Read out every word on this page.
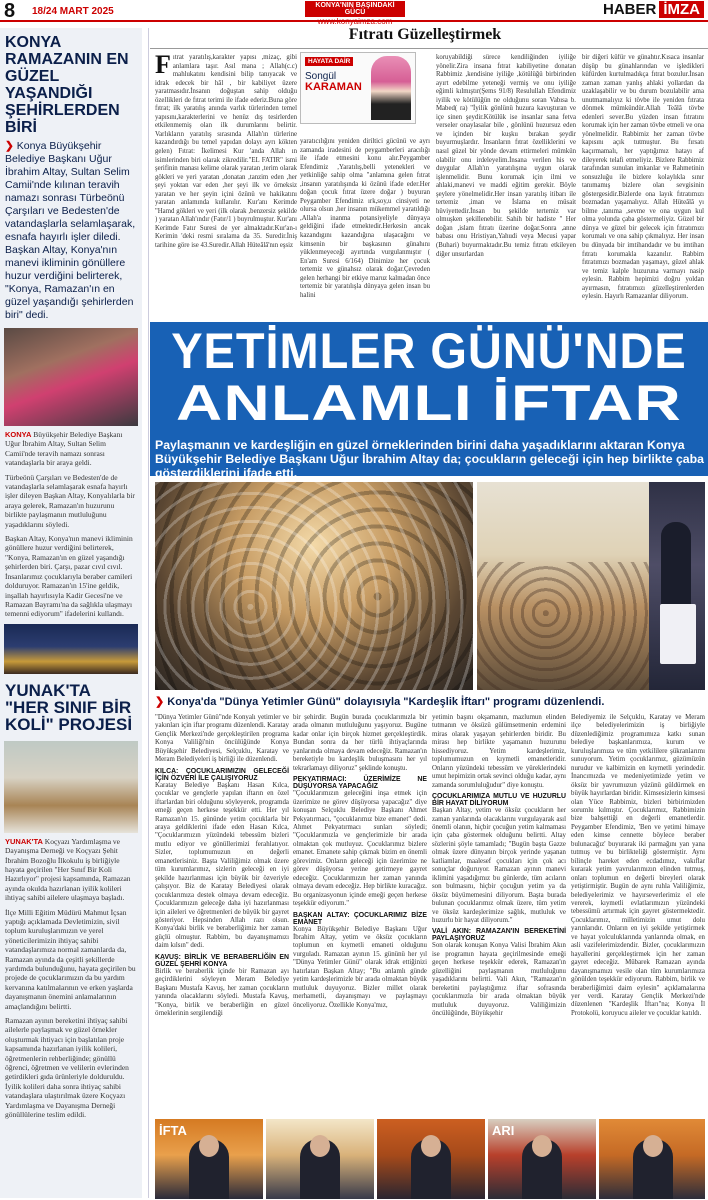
8 18/24 MART 2025
KONYA'NIN BAŞINDAKİ GÜCÜ
www.konyaimza.com
HABER İMZA
KONYA RAMAZANIN EN GÜZEL YAŞANDIĞI ŞEHİRLERDEN BİRİ
❯ Konya Büyükşehir Belediye Başkanı Uğur İbrahim Altay, Sultan Selim Camii'nde kılınan teravih namazı sonrası Türbeönü Çarşıları ve Bedesten'de vatandaşlarla selamlaşarak, esnafa hayırlı işler diledi. Başkan Altay, Konya'nın manevi ikliminin gönüllere huzur verdiğini belirterek, "Konya, Ramazan'ın en güzel yaşandığı şehirlerden biri" dedi.
KONYA Büyükşehir Belediye Başkanı Uğur İbrahim Altay, Sultan Selim Camii'nde teravih namazı sonrası vatandaşlarla bir araya geldi.
Türbeönü Çarşıları ve Bedesten'de de vatandaşlarla selamlaşarak esnafa hayırlı işler dileyen Başkan Altay, Konyalılarla bir araya gelerek, Ramazan'ın huzurunu birlikte paylaşmanın mutluluğunu yaşadıklarını söyledi.
Başkan Altay, Konya'nın manevi ikliminin gönüllere huzur verdiğini belirterek, "Konya, Ramazan'ın en güzel yaşandığı şehirlerden biri. Çarşı, pazar cıvıl cıvıl. İnsanlarımız çocuklarıyla beraber camileri dolduruyor. Ramazan'ın 15'ine geldik, inşallah hayırlısıyla Kadir Gecesi'ne ve Ramazan Bayramı'na da sağlıkla ulaşmayı temenni ediyorum" ifadelerini kullandı.
YUNAK'TA "HER SINIF BİR KOLİ" PROJESİ
YUNAK'TA Koçyazı Yardımlaşma ve Dayanışma Derneği ve Koçyazı Şehit İbrahim Bozoğlu İlkokulu iş birliğiyle hayata geçirilen "Her Sınıf Bir Koli Hazırlıyor" projesi kapsamında, Ramazan ayında okulda hazırlanan iyilik kolileri ihtiyaç sahibi ailelere ulaşmaya başladı.
İlçe Milli Eğitim Müdürü Mahmut İçsan yaptığı açıklamada Devletimizin, sivil toplum kuruluşlarımızın ve yerel yöneticilerimizin ihtiyaç sahibi vatandaşlarımıza normal zamanlarda da, Ramazan ayında da çeşitli şekillerde yardımda bulunduğunu, hayata geçirilen bu projede de çocuklarımızın da bu yardım kervanına katılmalarının ve erken yaşlarda dayanışmanın önemini anlamalarının amaçlandığını belirtti.
Ramazan ayının bereketini ihtiyaç sahibi ailelerle paylaşmak ve güzel örnekler oluşturmak ihtiyacı için başlatılan proje kapsamında hazırlanan iyilik kolileri, öğretmenlerin rehberliğinde; gönüllü öğrenci, öğretmen ve velilerin evlerinden getirdikleri gıda ürünleriyle dolduruldu. İyilik kolileri daha sonra ihtiyaç sahibi vatandaşlara ulaştırılmak üzere Koçyazı Yardımlaşma ve Dayanışma Derneği gönüllülerine teslim edildi.
Fıtratı Güzelleştirmek
Fıtrat yaratılış,karakter yapısı ,mizaç, gibi anlamlara taşır. Asıl mana ; Allah(c.c) mahlukatını kendisini bilip tanıyacak ve idrak edecek bir hâl , bir kabiliyet üzere yaratmasıdır.İnsanın doğuştan sahip olduğu özellikleri de fıtrat terimi ile ifade ederiz.Buna göre fıtrat; ilk yaratılış anında varlık türlerinden temel yapısını,karakterlerini ve henüz dış tesirlerden etkilenmemiş olan ilk durumlarını belirtir. Varlıkların yaratılış sırasında Allah'ın türlerine kazandırdığı bu temel yapıdan dolayı ayrı kökten gelen) Fıtrat: İkelimesi Kur 'anda Allah ın isimlerinden biri olarak zikredilir."EL FATIR" ismi şerifinin manası kelime olarak yaratan ,terim olarak gökleri ve yeri yaratan ,donatan ,tanzim eden ,her şeyi yoktan var eden ,her şeyi ilk ve örneksiz yaratan ve her şeyin içini özünü ve hakikatını yaratan anlamında kullanılır. Kur'anı Kerimde "Hamd gökleri ve yeri (ilk olarak ,benzersiz şekilde ) yaratan Allah'ındır (Fatır/1 ) buyrulmuştur. Kur'anı Kerimde Fatır Suresi de yer almaktadır.Kur'an-ı Kerimin 'deki resmi sıralama da 35. Suredir.İniş tarihine göre ise 43.Suredir.Allah Hüteâlâ'nın eşsiz
HAYATA DAİR
Songül
KARAMAN
yaratıcılığını yeniden diriltici gücünü ve ayrı zamanda iradesini de peygamberleri aracılığı ile ifade etmesini konu alır.Peygamber Efendimiz ,Yaratılış,belli yetenekleri ve yetkinliğe sahip olma "anlamına gelen fıtrat ,insanın yaratılışında ki özünü ifade eder.Her doğan çocuk fıtrat üzere doğar ) buyuran Peygamber Efendimiz ırk,soy,u cinsiyeti ne olursa olsun ,her insanın mükemmel yaratıldığı ,Allah'a inanma potansiyeliyle dünyaya geldiğini ifade etmektedir.Herkesin ancak kazandıgını kazandığına ulaşacağını ve kimsenin bir başkasının günahını yüklenmeyeceği ayırtında vurgulanmıştır ( En'am Suresi 6/164) Dinimize her çocuk tertemiz ve günahsız olarak doğar.Çevreden gelen herhangi bir etkiye maruz kalmadan önce tertemiz bir yaratılışla dünyaya gelen insan bu halini
koruyabildiği sürece kendiliğinden iyiliğe yönelir.Zira insana fıtrat kabiliyetine donatan Rabbimiz ,kendisine iyiliğe ,kötülüğü birbirinden ayırt edebilme yeteneği vermiş ve onu iyiliğe eğimli kılmıştır(Şems 91/8) Resulullah Efendimiz iyilik ve kötülüğün ne olduğunu soran Vabısa b. Mabed( ra) "İyilik gönlünü huzura kavuşturan ve içe sinen şeydir.Kötülük ise insanlar sana fetva verseler onaylasalar bile , gönlünü huzursuz eden ve içinden bir kuşku bırakan şeydir buyurmuşlardır. İnsanların fıtrat özelliklerini ve nasıl güzel bir yönde devam ettirmeleri mümkün olabilir onu irdeleyelim.İnsana verilen his ve duygular Allah'ın yaratılışına uygun olarak işlenmelidir. Bunu korumak için ilmi ve ahlaki,manevi ve maddi eğitim gerekir. Böyle şeylere yönelmelidir.Her insan yaratılış itibarı ile tertemiz ,iman ve İslama en müsait hüviyettedir.İnsan bu şekilde tertemiz var olmuşken şekillenebilir. Sahih bir hadiste " Her doğan ,islam fıtratı üzerine doğar.Sonra ,anne babası onu Hristiyan,Yahudi veya Mecusi yapar (Buhari) buyurmaktadır.Bu temiz fıtratı etkileyen diğer unsurlardan
bir diğeri küfür ve günahtır.Kısaca insanlar düşüp bu günahlarından ve işledikleri küfürden kurtulmadıkça fıtrat bozulur.İnsan zaman zaman yanlış ahlaki yollardan da uzaklaşabilir ve bu durum bozulabilir ama unutmamalıyız ki tövbe ile yeniden fıtrata dönmek mümkündür.Allah Teâlâ tövbe edenleri sever.Bu yüzden insan fıtratını korumak için her zaman tövbe etmeli ve ona yönelmelidir. Rabbimiz her zaman tövbe kapısını açık tutmuştur. Bu fırsatı kaçırmamalı, her yaptığımız hatayı af dileyerek telafi etmeliyiz. Bizlere Rabbimiz tarafından sunulan imkanlar ve Rahmetinin sonsuzluğu ile bizlere kolaylıkla sınır tanımamış bizlere olan sevgisinin göstergesidir.Bizlerde ona layık fıtratımızı bozmadan yaşamalıyız. Allah Hüteâlâ yı bilme ,tanıma ,sevme ve ona uygun kul olma yolunda çaba göstermeliyiz. Güzel bir dünya ve güzel bir gelecek için fıtratımızı korumalı ve ona sahip çıkmalıyız. Her insan bu dünyada bir imtihandadır ve bu imtihan fıtratı korumakla kazanılır. Rabbim fıtratımızı bozmadan yaşamayı, güzel ahlak ve temiz kalple huzuruna varmayı nasip eylesin. Rabbim hepimizi doğru yoldan ayırmasın, fıtratımızı güzelleştirenlerden eylesin. Hayırlı Ramazanlar diliyorum.
YETİMLER GÜNÜ'NDE
ANLAMLI İFTAR
Paylaşmanın ve kardeşliğin en güzel örneklerinden birini daha yaşadıklarını aktaran Konya Büyükşehir Belediye Başkanı Uğur İbrahim Altay da; çocukların geleceği için hep birlikte çaba gösterdiklerini ifade etti.
❯ Konya'da "Dünya Yetimler Günü" dolayısıyla "Kardeşlik İftarı" programı düzenlendi.

"Dünya Yetimler Günü"nde Konyalı yetimler ve yakınları için iftar programı düzenlendi. Karatay Gençlik Merkezi'nde gerçekleştirilen programa Konya Valiliği'nin öncülüğünde Konya Büyükşehir Belediyesi, Selçuklu, Karatay ve Meram Belediyeleri iş birliği ile düzenlendi.

KILCA: ÇOCUKLARIMIZIN GELECEĞİ İÇİN ÖZVERİ İLE ÇALIŞIYORUZ

Karatay Belediye Başkanı Hasan Kılca, çocuklar ve gençlerle yapılan iftarın en özel iftarlardan biri olduğunu söyleyerek, programda emeği geçen herkese teşekkür etti. Her yıl Ramazan'ın 15. gününde yetim çocuklarla bir araya geldiklerini ifade eden Hasan Kılca, "Çocuklarımızın yüzündeki tebessüm bizleri mutlu ediyor ve gönüllerimizi ferahlatıyor. Sizler, toplumumuzun en değerli emanetlerisiniz. Başta Valiliğimiz olmak üzere tüm kurumlarımız, sizlerin geleceği en iyi şekilde hazırlanması için büyük bir özveriyle çalışıyor. Biz de Karatay Belediyesi olarak çocuklarımıza destek olmaya devam edeceğiz. Çocuklarımızın geleceğe daha iyi hazırlanması için aileleri ve öğretmenleri de büyük bir gayret gösteriyor. Hepsinden Allah razı olsun. Konya'daki birlik ve beraberliğimiz her zaman güçlü olmuştur. Rabbim, bu dayanışmamızı daim kılsın" dedi.

KAVUŞ: BİRLİK VE BERABERLİĞİN EN GÜZEL ŞEHRİ KONYA

Birlik ve beraberlik içinde bir Ramazan ayı geçirdiklerini söyleyen Meram Belediye Başkanı Mustafa Kavuş, her zaman çocukların yanında olacaklarını söyledi. Mustafa Kavuş, "Konya, birlik ve beraberliğin en güzel örneklerinin sergilendiği

bir şehirdir. Bugün burada çocuklarımızla bir arada olmanın mutluluğunu yaşıyoruz. Bugüne kadar onlar için birçok hizmet gerçekleştirdik. Bundan sonra da her türlü ihtiyaçlarında yanlarında olmaya devam edeceğiz. Ramazan'ın bereketiyle bu kardeşlik buluşmasını her yıl tekrarlamayı diliyoruz" şeklinde konuştu.

PEKYATIRMACI: ÜZERİMİZE NE DÜŞÜYORSA YAPACAĞIZ

"Çocuklarımızın geleceğini inşa etmek için üzerimize ne görev düşüyorsa yapacağız" diye konuşan Selçuklu Belediye Başkanı Ahmet Pekyatırmacı, "çocuklarımız bize emanet" dedi. Ahmet Pekyatırmacı sunları söyledi; "Çocuklarımızla ve gençlerimizle bir arada olmaktan çok mutluyuz. Çocuklarımız bizlere emanet. Emanete sahip çıkmak bizim en önemli görevimiz. Onların geleceği için üzerimize ne görev düşüyorsa yerine getirmeye gayret edeceğiz. Çocuklarımızın her zaman yanında olmaya devam edeceğiz. Hep birlikte kuracağız. Bu organizasyonun içinde emeği geçen herkese teşekkür ediyorum."

BAŞKAN ALTAY: ÇOCUKLARIMIZ BİZE EMANET

Konya Büyükşehir Belediye Başkanı Uğur İbrahim Altay, yetim ve öksüz çocukların toplumun en kıymetli emaneti olduğunu vurguladı. Ramazan ayının 15. gününü her yıl "Dünya Yetimler Günü" olarak idrak ettiğinizi hatırlatan Başkan Altay; "Bu anlamlı günde yetim kardeşlerimizle bir arada olmaktan büyük mutluluk duyuyoruz. Bizler millet olarak merhametli, dayanışmayı ve paylaşmayı önceliyoruz. Özellikle Konya'mız,

yetimin başını okşamanın, mazlumun elinden tutmanın ve öksüzü gülümsetmenin erdemini miras olarak yaşayan şehirlerden biridir. Bu mirası hep birlikte yaşamanın huzurunu hissediyoruz. Yetim kardeşlerimiz, toplumumuzun en kıymetli emanetleridir. Onların yüzündeki tebessüm ve yüreklerindeki umut hepimizin ortak sevinci olduğu kadar, aynı zamanda sorumluluğudur" diye konuştu.

ÇOCUKLARIMIZA MUTLU VE HUZURLU BİR HAYAT DİLİYORUM

Başkan Altay, yetim ve öksüz çocukların her zaman yanlarında olacaklarını vurgulayarak asıl önemli olanın, hiçbir çocuğun yetim kalmaması için çaba göstermek olduğunu belirtti. Altay sözlerini şöyle tamamladı; "Bugün başta Gazze olmak üzere dünyanın birçok yerinde yaşanan katliamlar, maalesef çocukları için çok acı sonuçlar doğuruyor. Ramazan ayının manevi iklimini yaşadığımız bu günlerde, tüm acıların son bulmasını, hiçbir çocuğun yetim ya da öksüz büyümemesini diliyorum. Başta burada bulunan çocuklarımız olmak üzere, tüm yetim ve öksüz kardeşlerimize sağlık, mutluluk ve huzurlu bir hayat diliyorum."

VALİ AKIN: RAMAZAN'IN BEREKETİNİ PAYLAŞIYORUZ

Son olarak konuşan Konya Valisi İbrahim Akın ise programın hayata geçirilmesinde emeği geçen herkese teşekkür ederek, Ramazan'ın güzelliğini paylaşmanın mutluluğunu yaşadıklarını belirtti. Vali Akın, "Ramazan'ın bereketini paylaştığımız iftar sofrasında çocuklarımızla bir arada olmaktan büyük mutluluk duyuyoruz. Valiliğimizin öncülüğünde, Büyükşehir

Belediyemiz ile Selçuklu, Karatay ve Meram ilçe belediyelerimizin iş birliğiyle düzenlediğimiz programımıza katkı sunan belediye başkanlarımıza, kurum ve kuruluşlarımıza ve tüm yetkililere şükranlarımı sunuyorum. Yetim çocuklarımız, güzümüzün nurudur ve kalbimizin en kıymetli yerindedir. İnancımızda ve medeniyetimizde yetim ve öksüz bir yavrumuzun yüzünü güldürmek en büyük hayırlardan biridir. Kimsesizlerin kimsesi olan Yüce Rabbimiz, bizleri birbirimizden sorumlu kılmıştır. Çocuklarımız, Rabbimizin bize bahşettiği en değerli emanetlerdir. Peygamber Efendimiz, 'Ben ve yetimi himaye eden kimse cennette böylece beraber bulunacağız' buyurarak iki parmağını yan yana tutmuş ve bu birlikteliği göstermiştir. Aynı bilinçle hareket eden ecdadımız, vakıflar kurarak yetim yavrularımızın elinden tutmuş, onları toplumun en değerli bireyleri olarak yetiştirmiştir. Bugün de aynı ruhla Valiliğimiz, belediyelerimiz ve hayırseverlerimiz el ele vererek, kıymetli evlatlarımızın yüzündeki tebessümü artırmak için gayret göstermektedir. Çocuklarımız, milletimizin umut dolu yarınlarıdır. Onların en iyi şekilde yetiştirmek ve hayat yolculuklarında yanlarında olmak, en asli vazifelerimizdendir. Bizler, çocuklarımızın hayallerini gerçekleştirmek için her zaman gayret edeceğiz. Mübarek Ramazan ayında dayanışmamızı vesile olan tüm kurumlarımıza gönülden teşekkür ediyorum. Rabbim, birlik ve beraberliğimizi daim eylesin" açıklamalarına yer verdi. Karatay Gençlik Merkezi'nde düzenlenen "Kardeşlik İftarı"na; Konya İl Protokolü, koruyucu aileler ve çocuklar katıldı.

İFTA	ARI
